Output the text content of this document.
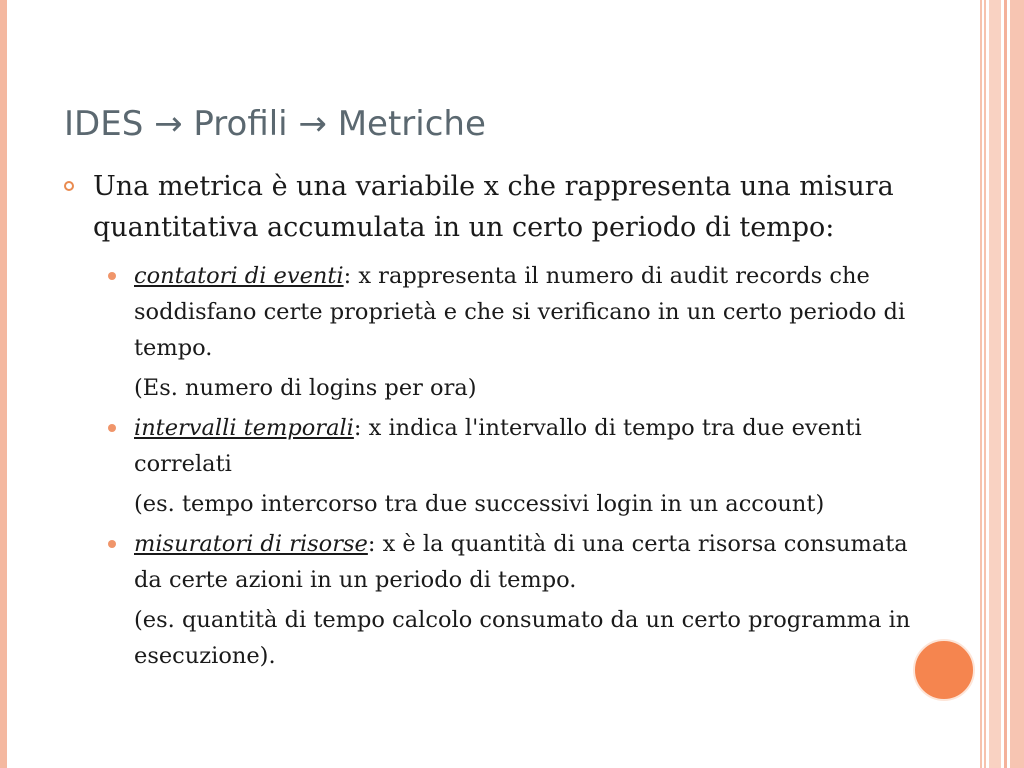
IDES → Profili → Metriche
Una metrica è una variabile x che rappresenta una misura quantitativa accumulata in un certo periodo di tempo:
contatori di eventi: x rappresenta il numero di audit records che soddisfano certe proprietà e che si verificano in un certo periodo di tempo.
(Es. numero di logins per ora)
intervalli temporali: x indica l'intervallo di tempo tra due eventi correlati
(es. tempo intercorso tra due successivi login in un account)
misuratori di risorse: x è la quantità di una certa risorsa consumata da certe azioni in un periodo di tempo.
(es. quantità di tempo calcolo consumato da un certo programma in esecuzione).
